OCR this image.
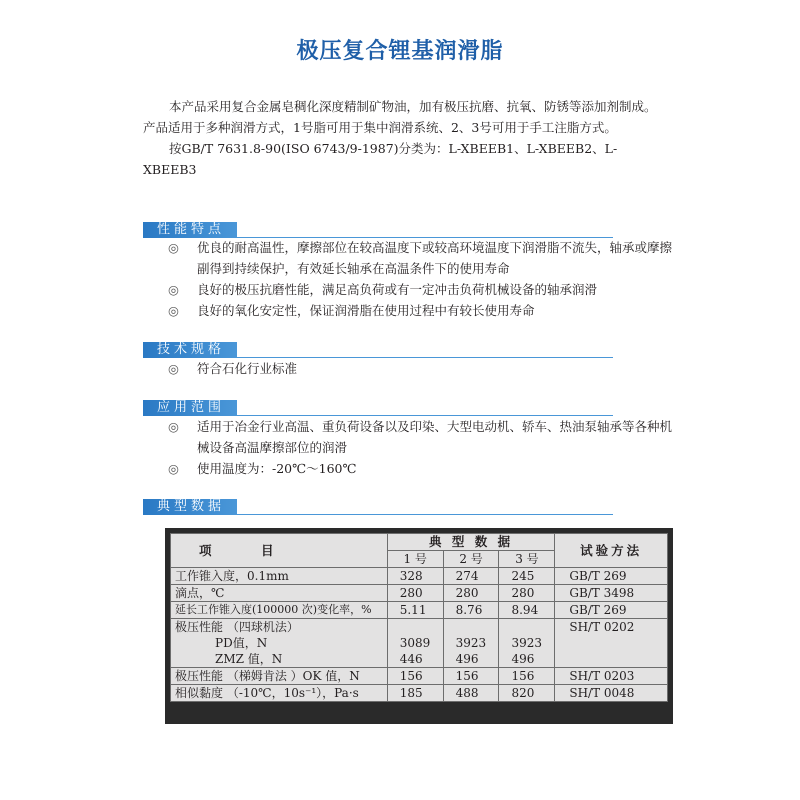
极压复合锂基润滑脂

本产品采用复合金属皂稠化深度精制矿物油，加有极压抗磨、抗氧、防锈等添加剂制成。产品适用于多种润滑方式，1号脂可用于集中润滑系统、2、3号可用于手工注脂方式。

按GB/T 7631.8-90(ISO 6743/9-1987)分类为：L-XBEEB1、L-XBEEB2、L-XBEEB3

性能特点
◎ 优良的耐高温性，摩擦部位在较高温度下或较高环境温度下润滑脂不流失，轴承或摩擦副得到持续保护，有效延长轴承在高温条件下的使用寿命
◎ 良好的极压抗磨性能，满足高负荷或有一定冲击负荷机械设备的轴承润滑
◎ 良好的氧化安定性，保证润滑脂在使用过程中有较长使用寿命
技术规格
◎ 符合石化行业标准
应用范围
◎ 适用于冶金行业高温、重负荷设备以及印染、大型电动机、轿车、热油泵轴承等各种机械设备高温摩擦部位的润滑
◎ 使用温度为：-20℃～160℃
典型数据
项　　　目	典 型 数 据			试验方法
	1 号	2 号	3 号	
工作锥入度，0.1mm	328	274	245	GB/T 269
滴点，℃	280	280	280	GB/T 3498
延长工作锥入度(100000 次)变化率，%	5.11	8.76	8.94	GB/T 269
极压性能 （四球机法）				SH/T 0202
PD值，N	3089	3923	3923	
ZMZ 值，N	446	496	496	
极压性能 （梯姆肯法 ）OK 值，N	156	156	156	SH/T 0203
相似黏度 （-10℃，10s⁻¹），Pa·s	185	488	820	SH/T 0048
